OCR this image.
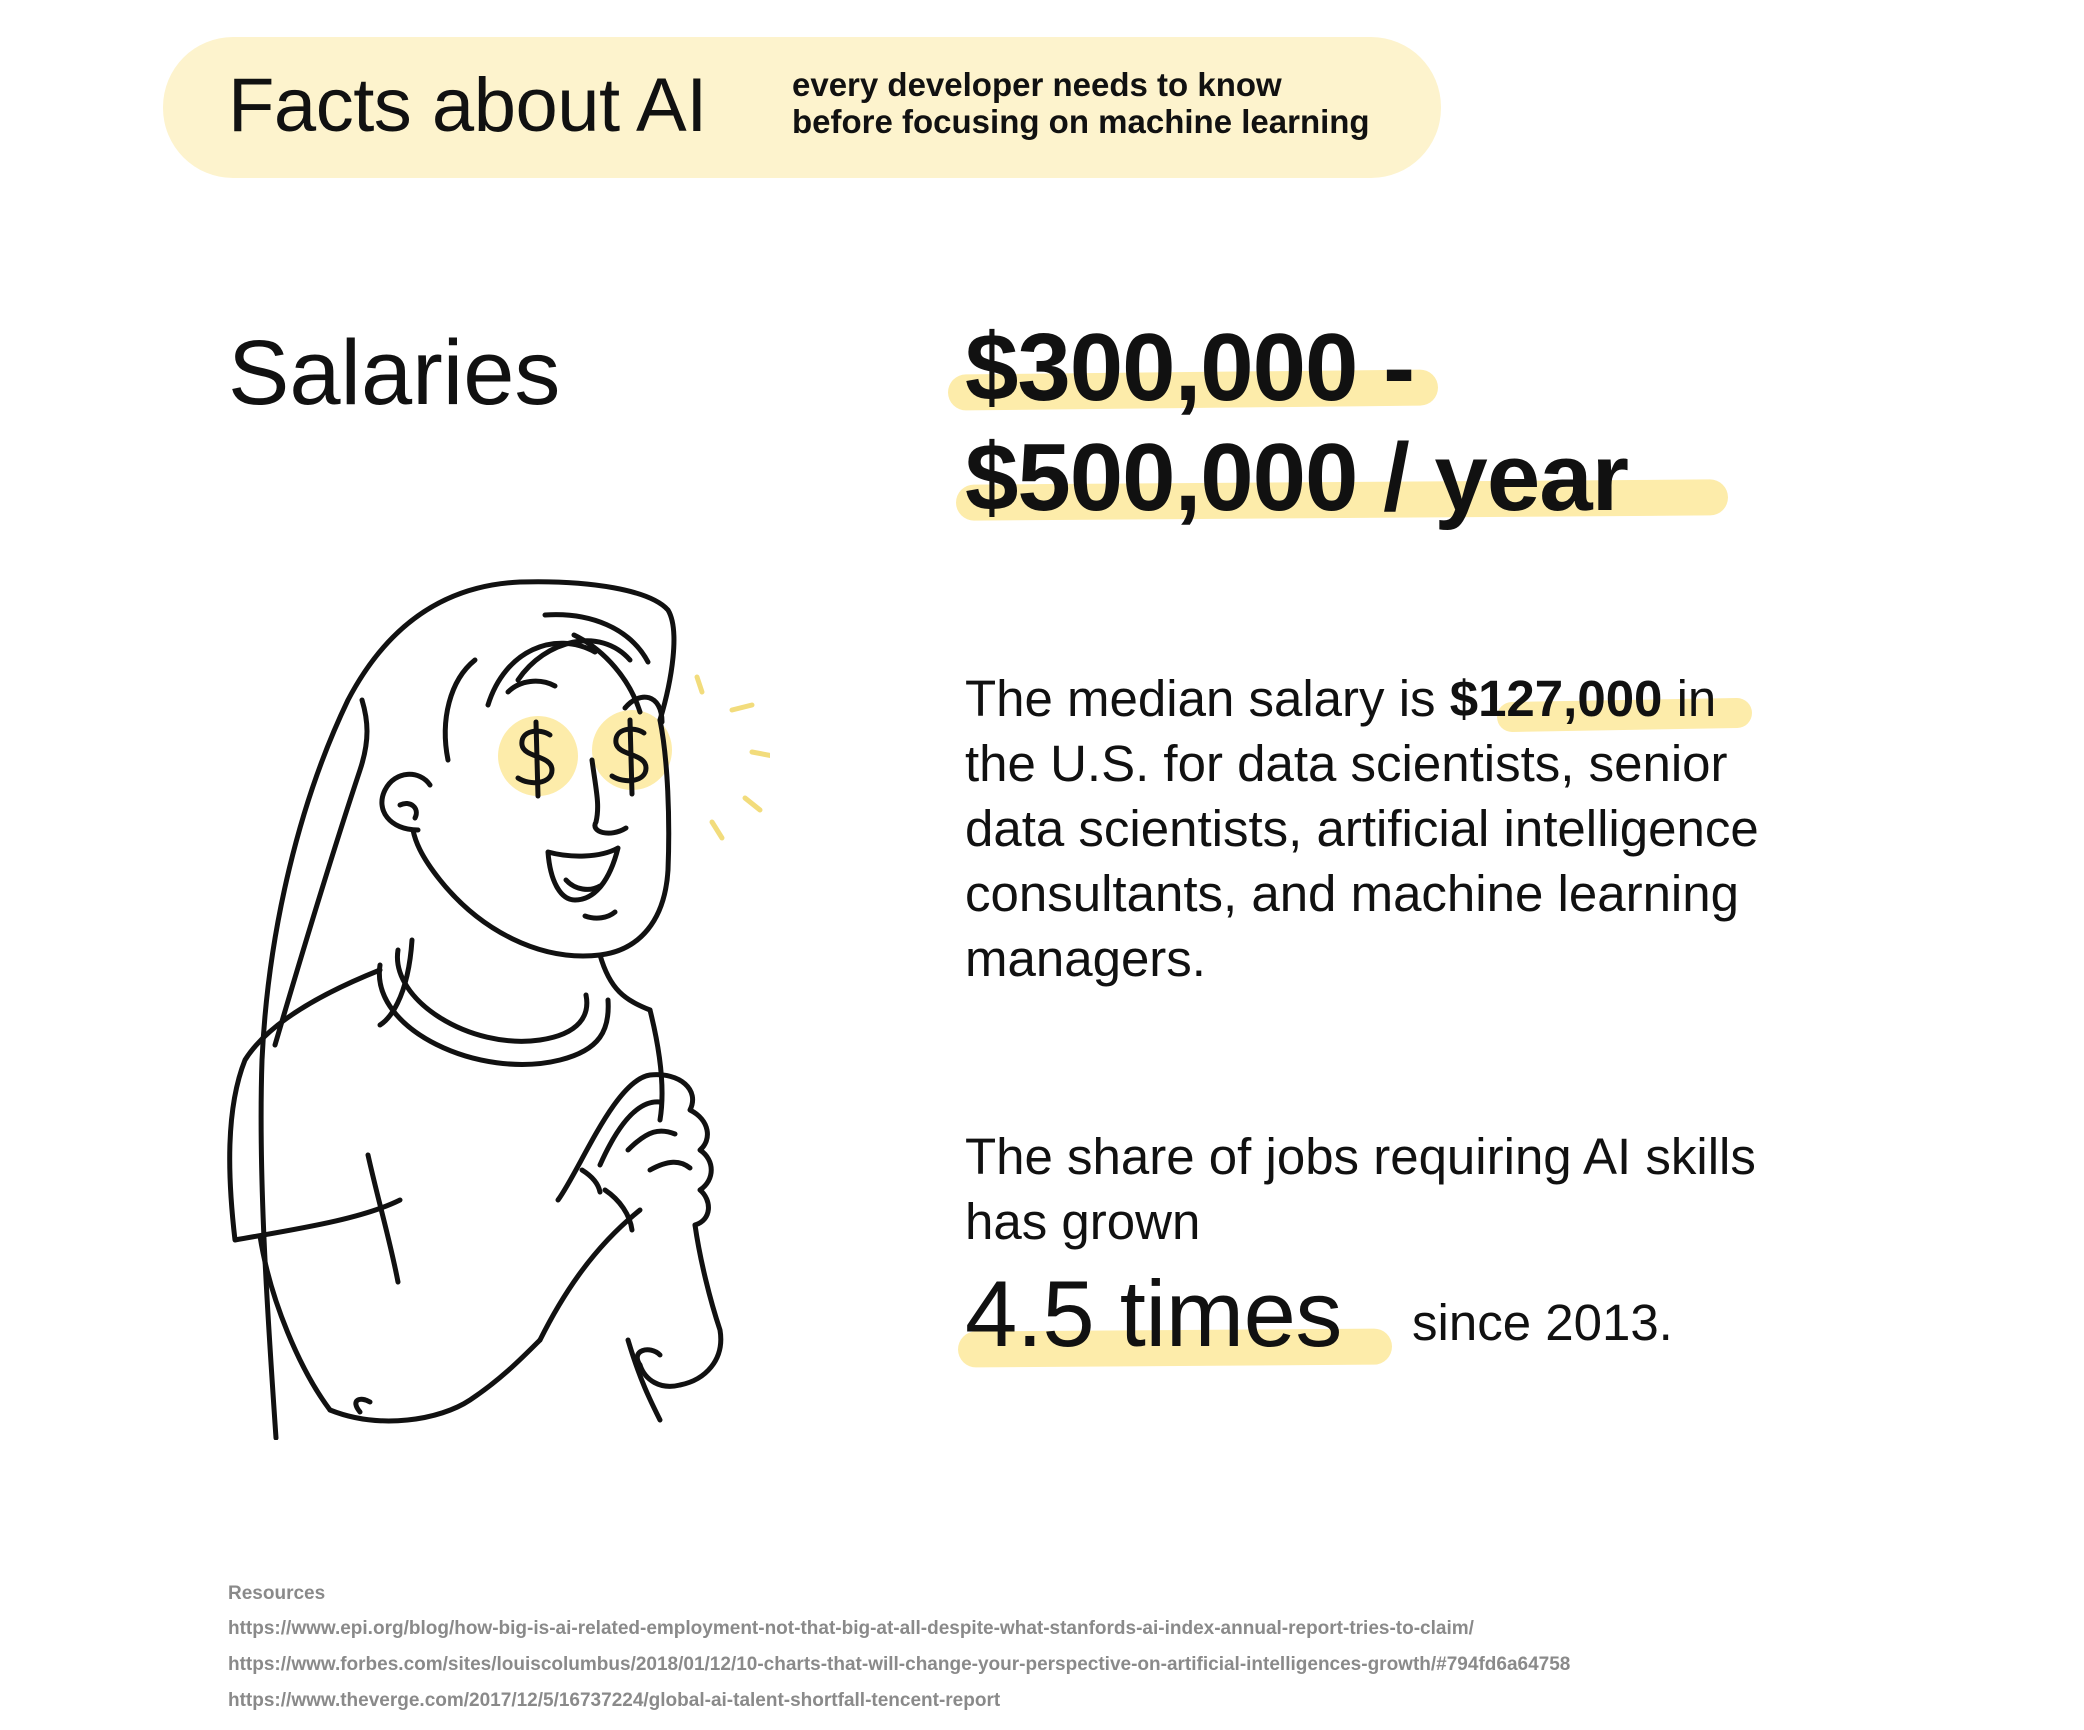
Facts about AI	every developer needs to know
before focusing on machine learning
Salaries	$300,000 -
$500,000 / year
The median salary is $127,000 in the U.S. for data scientists, senior data scientists, artificial intelligence consultants, and machine learning managers.
The share of jobs requiring AI skills has grown
4.5 times since 2013.
Resources
https://www.epi.org/blog/how-big-is-ai-related-employment-not-that-big-at-all-despite-what-stanfords-ai-index-annual-report-tries-to-claim/
https://www.forbes.com/sites/louiscolumbus/2018/01/12/10-charts-that-will-change-your-perspective-on-artificial-intelligences-growth/#794fd6a64758
https://www.theverge.com/2017/12/5/16737224/global-ai-talent-shortfall-tencent-report
